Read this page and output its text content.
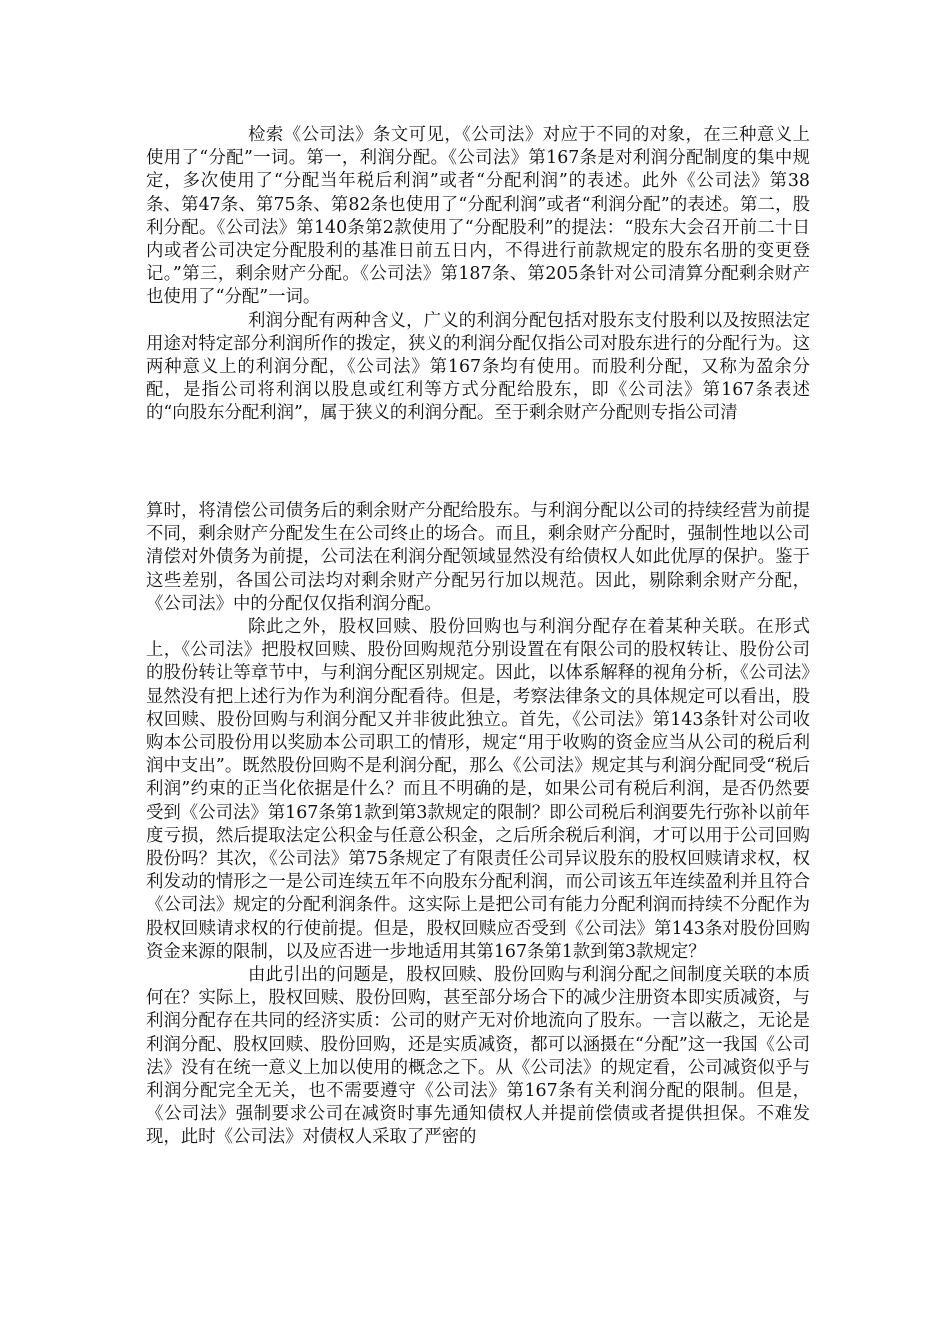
检索《公司法》条文可见，《公司法》对应于不同的对象，在三种意义上使用了“分配”一词。第一，利润分配。《公司法》第167条是对利润分配制度的集中规定，多次使用了“分配当年税后利润”或者“分配利润”的表述。此外《公司法》第38条、第47条、第75条、第82条也使用了“分配利润”或者“利润分配”的表述。第二，股利分配。《公司法》第140条第2款使用了“分配股利”的提法：“股东大会召开前二十日内或者公司决定分配股利的基准日前五日内，不得进行前款规定的股东名册的变更登记。”第三，剩余财产分配。《公司法》第187条、第205条针对公司清算分配剩余财产也使用了“分配”一词。

利润分配有两种含义，广义的利润分配包括对股东支付股利以及按照法定用途对特定部分利润所作的拨定，狭义的利润分配仅指公司对股东进行的分配行为。这两种意义上的利润分配，《公司法》第167条均有使用。而股利分配，又称为盈余分配，是指公司将利润以股息或红利等方式分配给股东，即《公司法》第167条表述的“向股东分配利润”，属于狭义的利润分配。至于剩余财产分配则专指公司清

算时，将清偿公司债务后的剩余财产分配给股东。与利润分配以公司的持续经营为前提不同，剩余财产分配发生在公司终止的场合。而且，剩余财产分配时，强制性地以公司清偿对外债务为前提，公司法在利润分配领域显然没有给债权人如此优厚的保护。鉴于这些差别，各国公司法均对剩余财产分配另行加以规范。因此，剔除剩余财产分配，《公司法》中的分配仅仅指利润分配。

除此之外，股权回赎、股份回购也与利润分配存在着某种关联。在形式上，《公司法》把股权回赎、股份回购规范分别设置在有限公司的股权转让、股份公司的股份转让等章节中，与利润分配区别规定。因此，以体系解释的视角分析，《公司法》显然没有把上述行为作为利润分配看待。但是，考察法律条文的具体规定可以看出，股权回赎、股份回购与利润分配又并非彼此独立。首先，《公司法》第143条针对公司收购本公司股份用以奖励本公司职工的情形，规定“用于收购的资金应当从公司的税后利润中支出”。既然股份回购不是利润分配，那么《公司法》规定其与利润分配同受“税后利润”约束的正当化依据是什么？而且不明确的是，如果公司有税后利润，是否仍然要受到《公司法》第167条第1款到第3款规定的限制？即公司税后利润要先行弥补以前年度亏损，然后提取法定公积金与任意公积金，之后所余税后利润，才可以用于公司回购股份吗？其次，《公司法》第75条规定了有限责任公司异议股东的股权回赎请求权，权利发动的情形之一是公司连续五年不向股东分配利润，而公司该五年连续盈利并且符合《公司法》规定的分配利润条件。这实际上是把公司有能力分配利润而持续不分配作为股权回赎请求权的行使前提。但是，股权回赎应否受到《公司法》第143条对股份回购资金来源的限制，以及应否进一步地适用其第167条第1款到第3款规定？

由此引出的问题是，股权回赎、股份回购与利润分配之间制度关联的本质何在？实际上，股权回赎、股份回购，甚至部分场合下的减少注册资本即实质减资，与利润分配存在共同的经济实质：公司的财产无对价地流向了股东。一言以蔽之，无论是利润分配、股权回赎、股份回购，还是实质减资，都可以涵摄在“分配”这一我国《公司法》没有在统一意义上加以使用的概念之下。从《公司法》的规定看，公司减资似乎与利润分配完全无关，也不需要遵守《公司法》第167条有关利润分配的限制。但是，《公司法》强制要求公司在减资时事先通知债权人并提前偿债或者提供担保。不难发现，此时《公司法》对债权人采取了严密的
